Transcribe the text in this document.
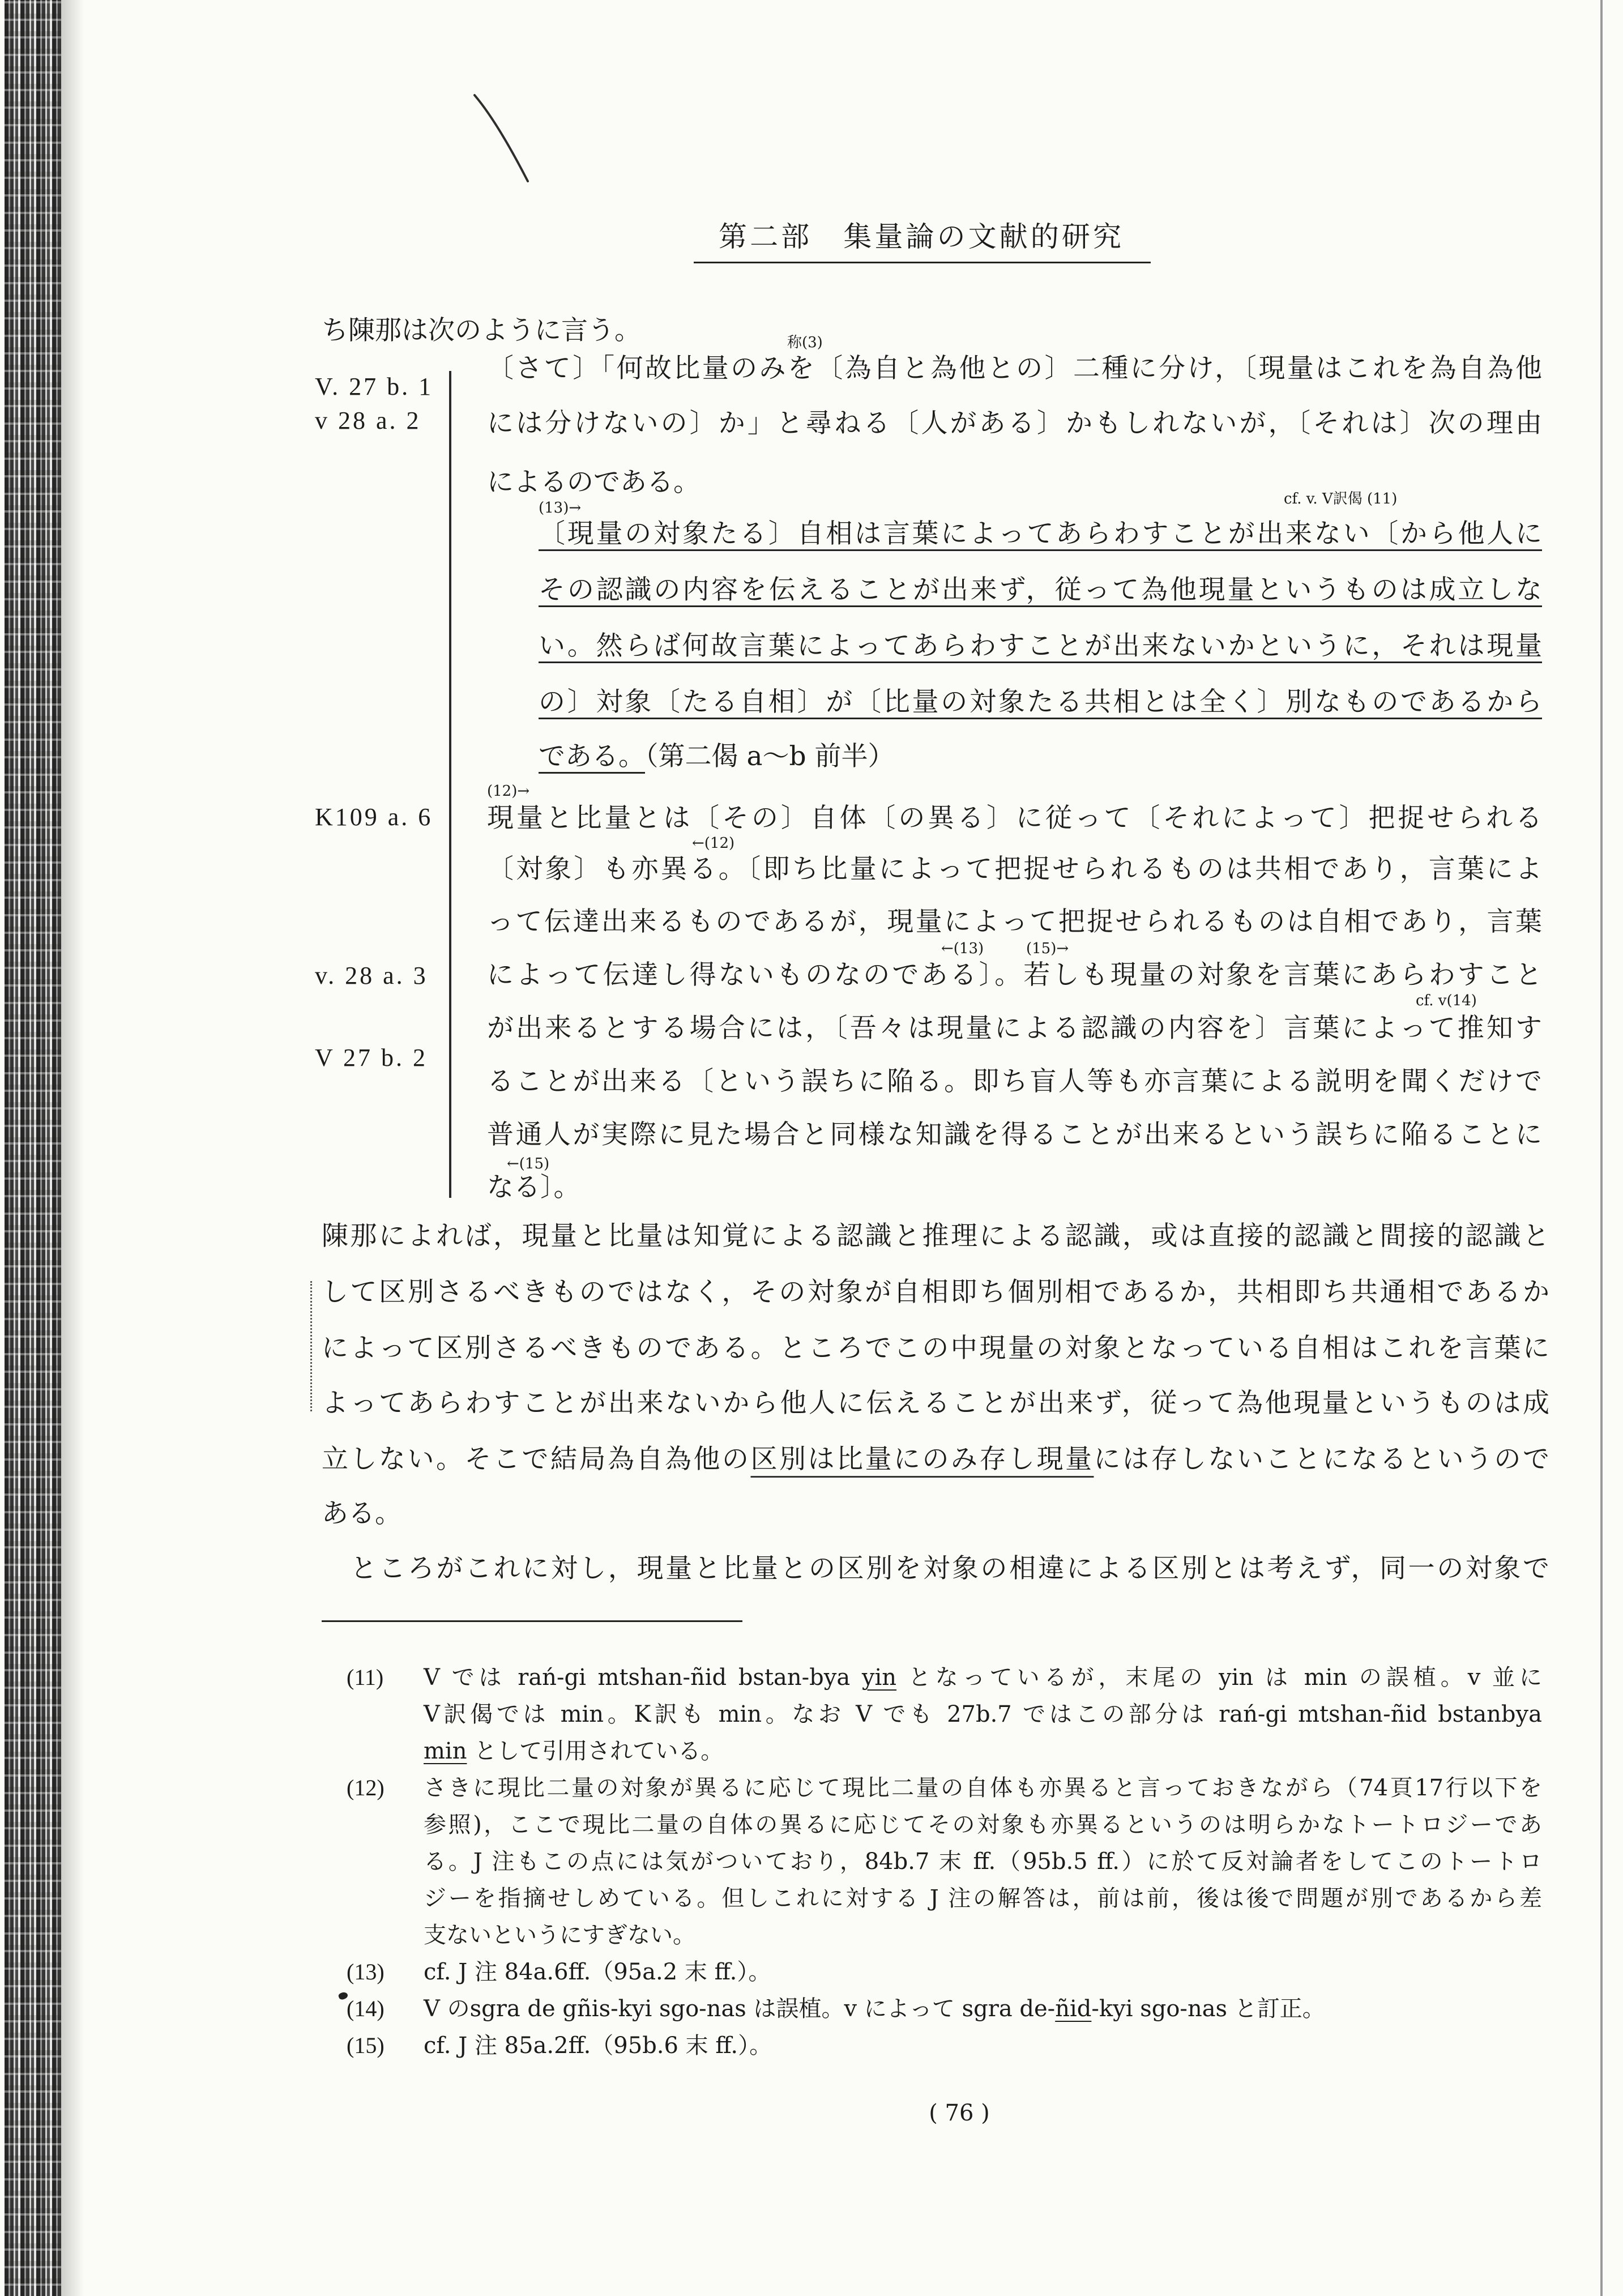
第二部　集量論の文献的研究
ち陳那は次のように言う。
V. 27 b. 1
v 28 a. 2
K109 a. 6
v. 28 a. 3
V 27 b. 2
称(3)
〔さて〕「何故比量のみを〔為自と為他との〕二種に分け，〔現量はこれを為自為他
には分けないの〕か」と尋ねる〔人がある〕かもしれないが，〔それは〕次の理由
によるのである。
cf. v. V訳偈 (11)
(13)→
〔現量の対象たる〕自相は言葉によってあらわすことが出来ない〔から他人に
その認識の内容を伝えることが出来ず，従って為他現量というものは成立しな
い。然らば何故言葉によってあらわすことが出来ないかというに，それは現量
の〕対象〔たる自相〕が〔比量の対象たる共相とは全く〕別なものであるから
である。（第二偈 a〜b 前半）
(12)→
←(12)
←(13)	(15)→
cf. v(14)
←(15)
現量と比量とは〔その〕自体〔の異る〕に従って〔それによって〕把捉せられる
〔対象〕も亦異る。〔即ち比量によって把捉せられるものは共相であり，言葉によ
って伝達出来るものであるが，現量によって把捉せられるものは自相であり，言葉
によって伝達し得ないものなのである〕。若しも現量の対象を言葉にあらわすこと
が出来るとする場合には，〔吾々は現量による認識の内容を〕言葉によって推知す
ることが出来る〔という誤ちに陥る。即ち盲人等も亦言葉による説明を聞くだけで
普通人が実際に見た場合と同様な知識を得ることが出来るという誤ちに陥ることに
なる〕。
陳那によれば，現量と比量は知覚による認識と推理による認識，或は直接的認識と間接的認識と
して区別さるべきものではなく，その対象が自相即ち個別相であるか，共相即ち共通相であるか
によって区別さるべきものである。ところでこの中現量の対象となっている自相はこれを言葉に
よってあらわすことが出来ないから他人に伝えることが出来ず，従って為他現量というものは成
立しない。そこで結局為自為他の区別は比量にのみ存し現量には存しないことになるというので
ある。
　ところがこれに対し，現量と比量との区別を対象の相違による区別とは考えず，同一の対象で
(11) V では rań-gi mtshan-ñid bstan-bya yin となっているが，末尾の yin は min の誤植。v 並に
V訳偈では min。K訳も min。なお V でも 27b.7 ではこの部分は rań-gi mtshan-ñid bstanbya
min として引用されている。
(12) さきに現比二量の対象が異るに応じて現比二量の自体も亦異ると言っておきながら（74頁17行以下を
参照)，ここで現比二量の自体の異るに応じてその対象も亦異るというのは明らかなトートロジーであ
る。J 注もこの点には気がついており，84b.7 末 ff.（95b.5 ff.）に於て反対論者をしてこのトートロ
ジーを指摘せしめている。但しこれに対する J 注の解答は，前は前，後は後で問題が別であるから差
支ないというにすぎない。
(13) cf. J 注 84a.6ff.（95a.2 末 ff.）。
(14) V のsgra de gñis-kyi sgo-nas は誤植。v によって sgra de-ñid-kyi sgo-nas と訂正。
(15) cf. J 注 85a.2ff.（95b.6 末 ff.）。
( 76 )
